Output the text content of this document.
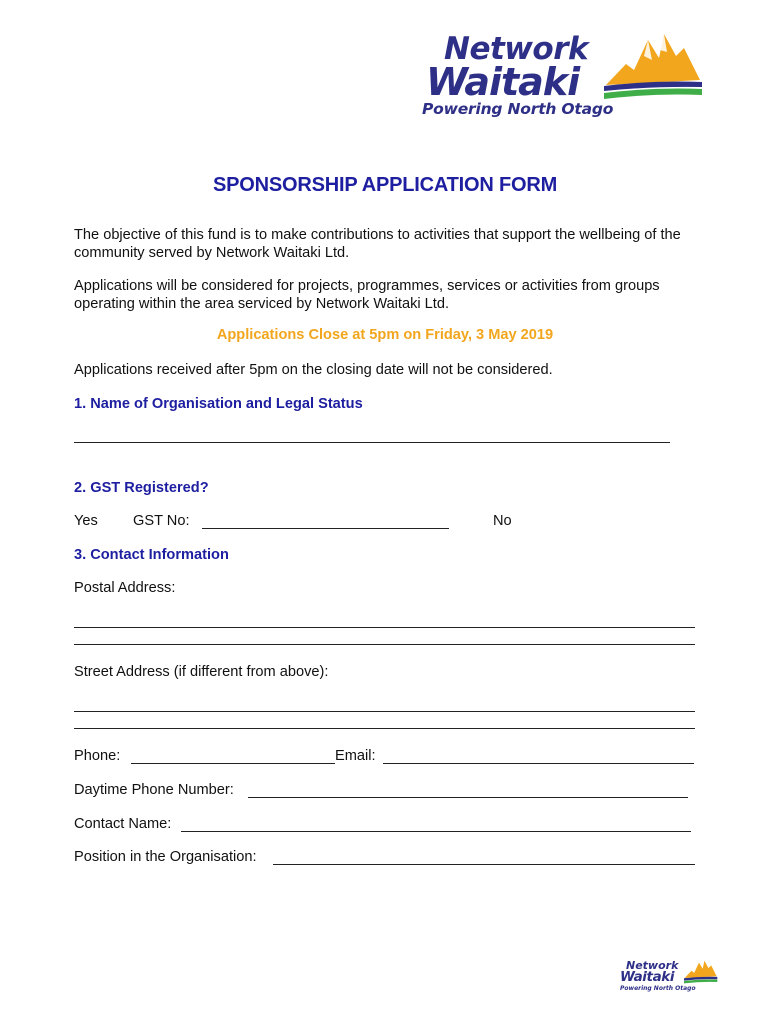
Network
Waitaki
Powering North Otago
SPONSORSHIP APPLICATION FORM
The objective of this fund is to make contributions to activities that support the wellbeing of the community served by Network Waitaki Ltd.
Applications will be considered for projects, programmes, services or activities from groups operating within the area serviced by Network Waitaki Ltd.
Applications Close at 5pm on Friday, 3 May 2019
Applications received after 5pm on the closing date will not be considered.
1. Name of Organisation and Legal Status
2. GST Registered?
Yes GST No:	No
3. Contact Information
Postal Address:
Street Address (if different from above):
Phone:	Email:
Daytime Phone Number:
Contact Name:
Position in the Organisation:
Network
Waitaki
Powering North Otago
